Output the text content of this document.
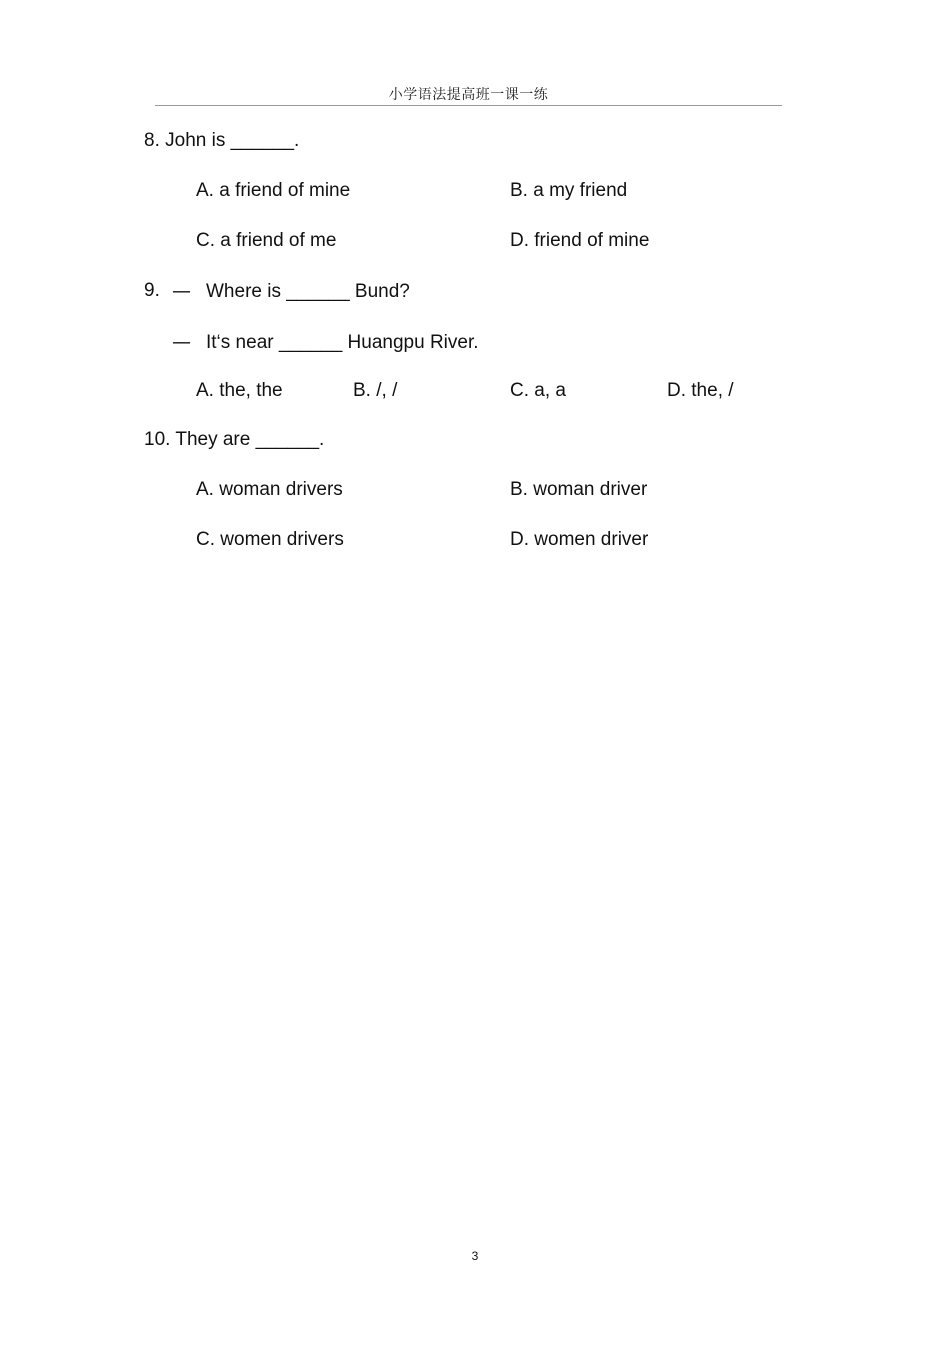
小学语法提高班一课一练
8. John is ______.
A. a friend of mine	B. a my friend
C. a friend of me	D. friend of mine
9. — Where is ______ Bund?
— It‘s near ______ Huangpu River.
A. the, the	B. /, /	C. a, a	D. the, /
10. They are ______.
A. woman drivers	B. woman driver
C. women drivers	D. women driver
3
